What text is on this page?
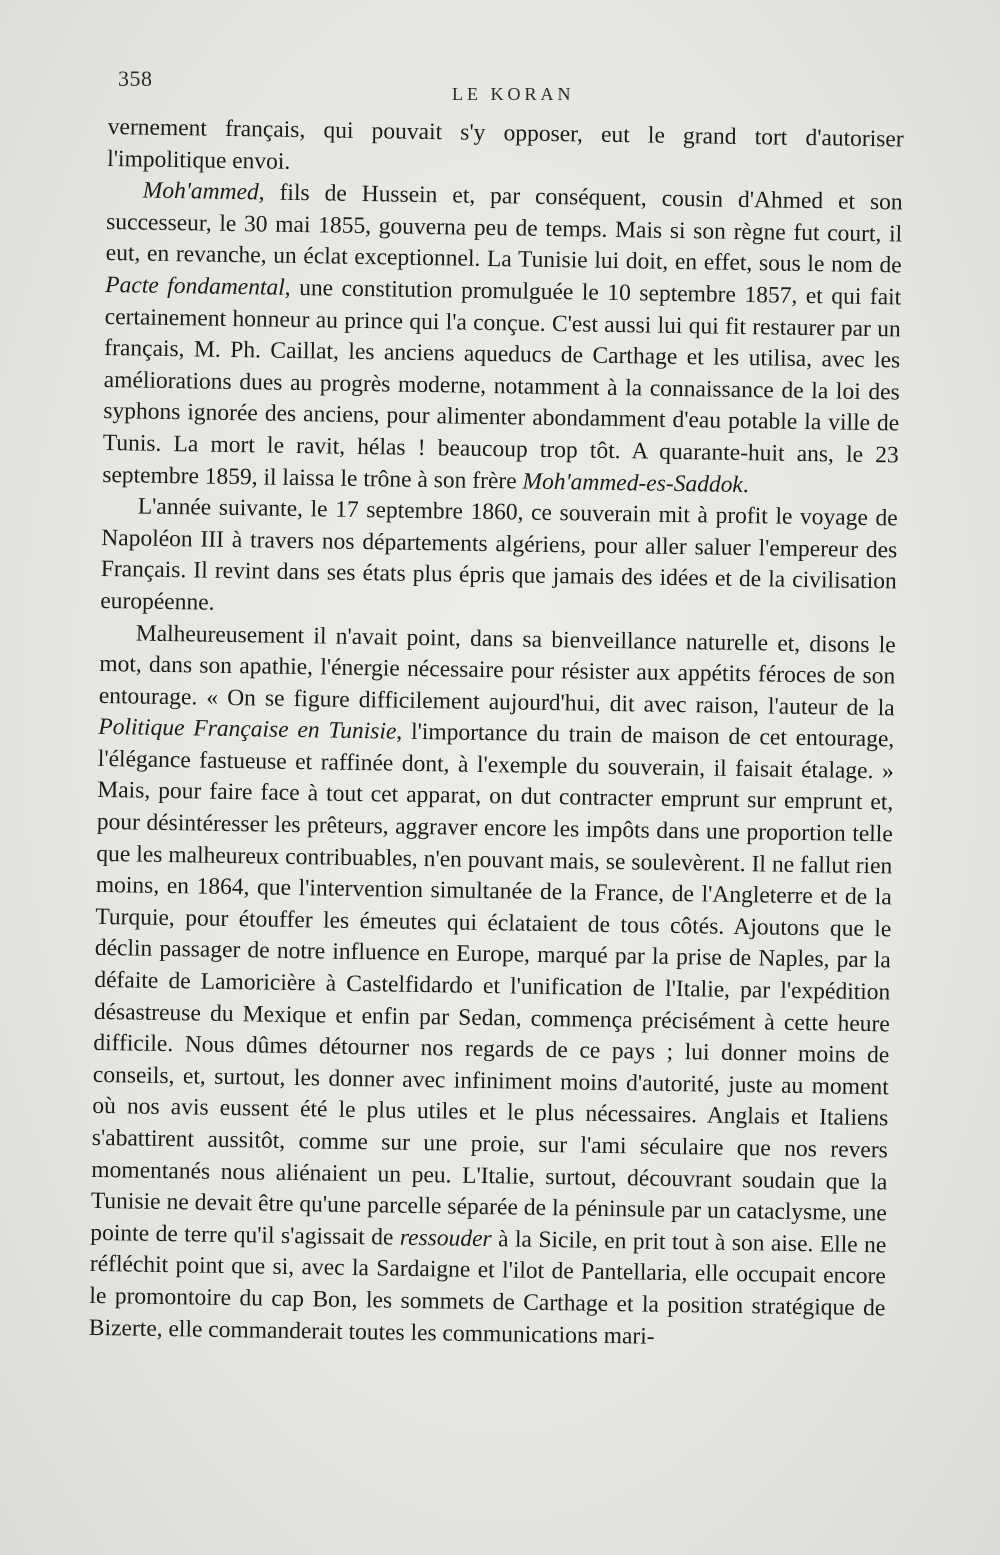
358
LE KORAN

vernement français, qui pouvait s'y opposer, eut le grand tort d'autoriser l'impolitique envoi.

Moh'ammed, fils de Hussein et, par conséquent, cousin d'Ahmed et son successeur, le 30 mai 1855, gouverna peu de temps. Mais si son règne fut court, il eut, en revanche, un éclat exceptionnel. La Tunisie lui doit, en effet, sous le nom de Pacte fondamental, une constitution promulguée le 10 septembre 1857, et qui fait certainement honneur au prince qui l'a conçue. C'est aussi lui qui fit restaurer par un français, M. Ph. Caillat, les anciens aqueducs de Carthage et les utilisa, avec les améliorations dues au progrès moderne, notamment à la connaissance de la loi des syphons ignorée des anciens, pour alimenter abondamment d'eau potable la ville de Tunis. La mort le ravit, hélas ! beaucoup trop tôt. A quarante-huit ans, le 23 septembre 1859, il laissa le trône à son frère Moh'ammed-es-Saddok.

L'année suivante, le 17 septembre 1860, ce souverain mit à profit le voyage de Napoléon III à travers nos départements algériens, pour aller saluer l'empereur des Français. Il revint dans ses états plus épris que jamais des idées et de la civilisation européenne.

Malheureusement il n'avait point, dans sa bienveillance naturelle et, disons le mot, dans son apathie, l'énergie nécessaire pour résister aux appétits féroces de son entourage. « On se figure difficilement aujourd'hui, dit avec raison, l'auteur de la Politique Française en Tunisie, l'importance du train de maison de cet entourage, l'élégance fastueuse et raffinée dont, à l'exemple du souverain, il faisait étalage. » Mais, pour faire face à tout cet apparat, on dut contracter emprunt sur emprunt et, pour désintéresser les prêteurs, aggraver encore les impôts dans une proportion telle que les malheureux contribuables, n'en pouvant mais, se soulevèrent. Il ne fallut rien moins, en 1864, que l'intervention simultanée de la France, de l'Angleterre et de la Turquie, pour étouffer les émeutes qui éclataient de tous côtés. Ajoutons que le déclin passager de notre influence en Europe, marqué par la prise de Naples, par la défaite de Lamoricière à Castelfidardo et l'unification de l'Italie, par l'expédition désastreuse du Mexique et enfin par Sedan, commença précisément à cette heure difficile. Nous dûmes détourner nos regards de ce pays ; lui donner moins de conseils, et, surtout, les donner avec infiniment moins d'autorité, juste au moment où nos avis eussent été le plus utiles et le plus nécessaires. Anglais et Italiens s'abattirent aussitôt, comme sur une proie, sur l'ami séculaire que nos revers momentanés nous aliénaient un peu. L'Italie, surtout, découvrant soudain que la Tunisie ne devait être qu'une parcelle séparée de la péninsule par un cataclysme, une pointe de terre qu'il s'agissait de ressouder à la Sicile, en prit tout à son aise. Elle ne réfléchit point que si, avec la Sardaigne et l'ilot de Pantellaria, elle occupait encore le promontoire du cap Bon, les sommets de Carthage et la position stratégique de Bizerte, elle commanderait toutes les communications mari-
